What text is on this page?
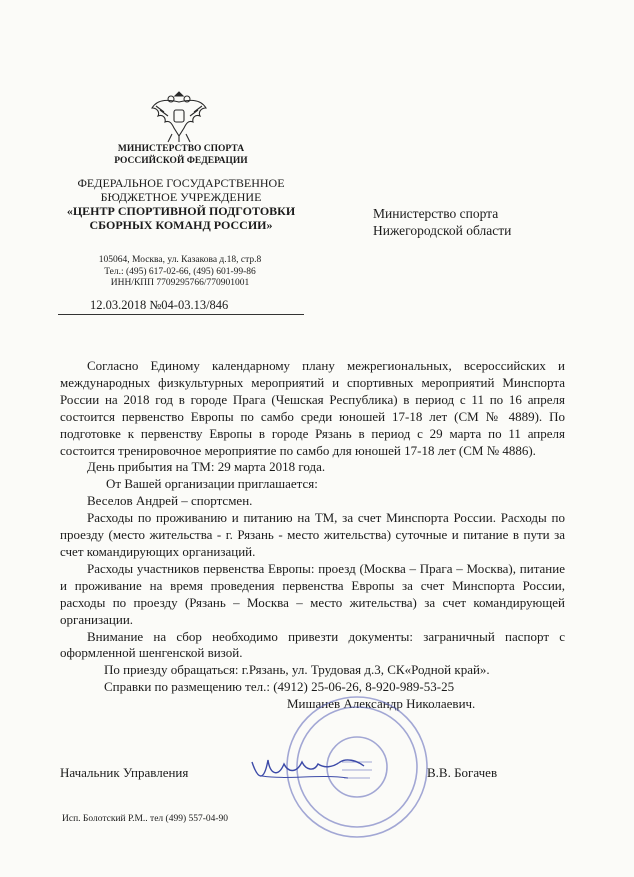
МИНИСТЕРСТВО СПОРТА
РОССИЙСКОЙ ФЕДЕРАЦИИ
ФЕДЕРАЛЬНОЕ ГОСУДАРСТВЕННОЕ
БЮДЖЕТНОЕ УЧРЕЖДЕНИЕ
«ЦЕНТР СПОРТИВНОЙ ПОДГОТОВКИ
СБОРНЫХ КОМАНД РОССИИ»
105064, Москва, ул. Казакова д.18, стр.8
Тел.: (495) 617-02-66, (495) 601-99-86
ИНН/КПП 7709295766/770901001
Министерство спорта
Нижегородской области
12.03.2018 №04-03.13/846

Согласно Единому календарному плану межрегиональных, всероссийских и международных физкультурных мероприятий и спортивных мероприятий Минспорта России на 2018 год в городе Прага (Чешская Республика) в период с 11 по 16 апреля состоится первенство Европы по самбо среди юношей 17-18 лет (СМ № 4889). По подготовке к первенству Европы в городе Рязань в период с 29 марта по 11 апреля состоится тренировочное мероприятие по самбо для юношей 17-18 лет (СМ № 4886).

День прибытия на ТМ: 29 марта 2018 года.

От Вашей организации приглашается:

Веселов Андрей – спортсмен.

Расходы по проживанию и питанию на ТМ, за счет Минспорта России. Расходы по проезду (место жительства - г. Рязань - место жительства) суточные и питание в пути за счет командирующих организаций.

Расходы участников первенства Европы: проезд (Москва – Прага – Москва), питание и проживание на время проведения первенства Европы за счет Минспорта России, расходы по проезду (Рязань – Москва – место жительства) за счет командирующей организации.

Внимание на сбор необходимо привезти документы: заграничный паспорт с оформленной шенгенской визой.

По приезду обращаться: г.Рязань, ул. Трудовая д.3, СК«Родной край».

Справки по размещению тел.: (4912) 25-06-26, 8-920-989-53-25

Мишанев Александр Николаевич.

Начальник Управления	В.В. Богачев
Исп. Болотский Р.М.. тел (499) 557-04-90
